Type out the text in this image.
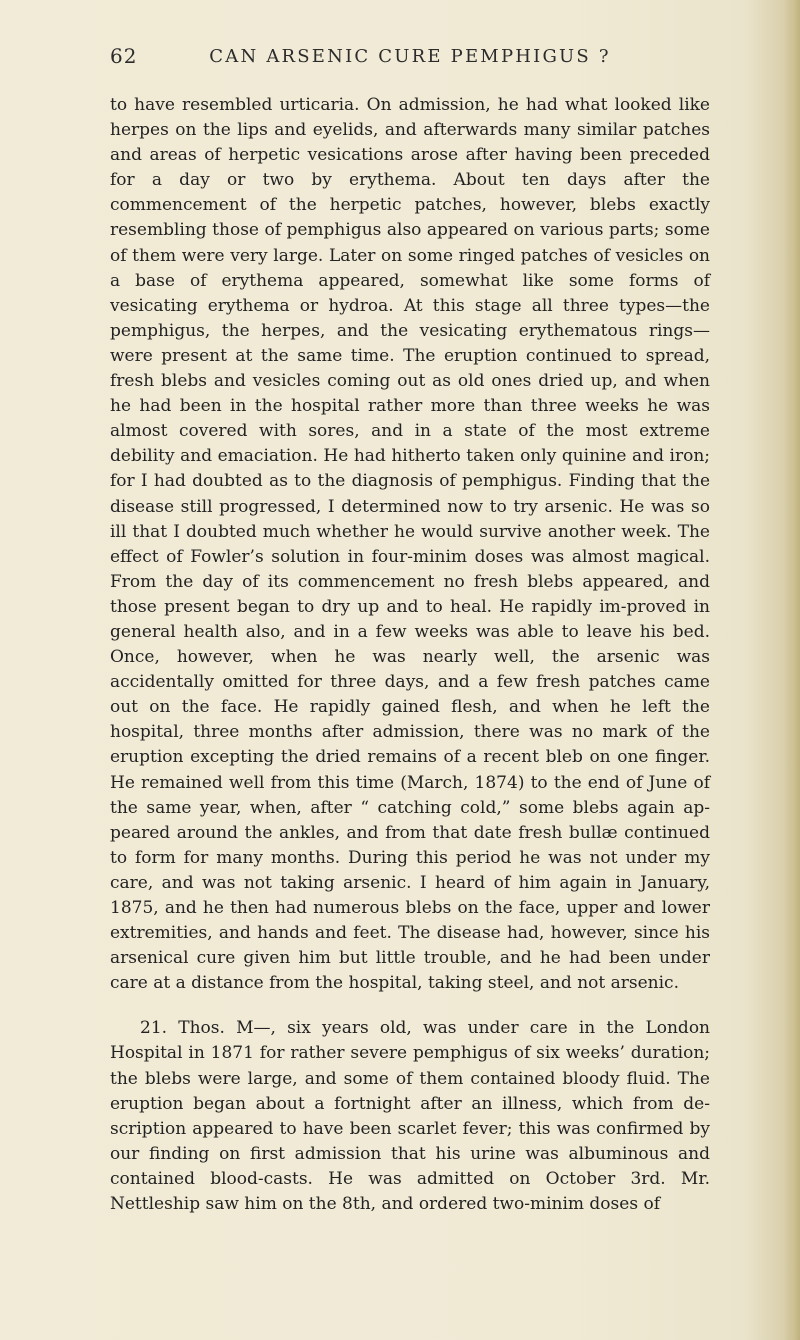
62	CAN ARSENIC CURE PEMPHIGUS ?

to have resembled urticaria. On admission, he had what looked like herpes on the lips and eyelids, and afterwards many similar patches and areas of herpetic vesications arose after having been preceded for a day or two by erythema. About ten days after the commencement of the herpetic patches, however, blebs exactly resembling those of pemphigus also appeared on various parts; some of them were very large. Later on some ringed patches of vesicles on a base of erythema appeared, somewhat like some forms of vesicating erythema or hydroa. At this stage all three types—the pemphigus, the herpes, and the vesicating erythematous rings—were present at the same time. The eruption continued to spread, fresh blebs and vesicles coming out as old ones dried up, and when he had been in the hospital rather more than three weeks he was almost covered with sores, and in a state of the most extreme debility and emaciation. He had hitherto taken only quinine and iron; for I had doubted as to the diagnosis of pemphigus. Finding that the disease still progressed, I determined now to try arsenic. He was so ill that I doubted much whether he would survive another week. The effect of Fowler’s solution in four-minim doses was almost magical. From the day of its commencement no fresh blebs appeared, and those present began to dry up and to heal. He rapidly im-proved in general health also, and in a few weeks was able to leave his bed. Once, however, when he was nearly well, the arsenic was accidentally omitted for three days, and a few fresh patches came out on the face. He rapidly gained flesh, and when he left the hospital, three months after admission, there was no mark of the eruption excepting the dried remains of a recent bleb on one finger. He remained well from this time (March, 1874) to the end of June of the same year, when, after “ catching cold,” some blebs again ap-peared around the ankles, and from that date fresh bullæ continued to form for many months. During this period he was not under my care, and was not taking arsenic. I heard of him again in January, 1875, and he then had numerous blebs on the face, upper and lower extremities, and hands and feet. The disease had, however, since his arsenical cure given him but little trouble, and he had been under care at a distance from the hospital, taking steel, and not arsenic.

21. Thos. M—, six years old, was under care in the London Hospital in 1871 for rather severe pemphigus of six weeks’ duration; the blebs were large, and some of them contained bloody fluid. The eruption began about a fortnight after an illness, which from de-scription appeared to have been scarlet fever; this was confirmed by our finding on first admission that his urine was albuminous and contained blood-casts. He was admitted on October 3rd. Mr. Nettleship saw him on the 8th, and ordered two-minim doses of
